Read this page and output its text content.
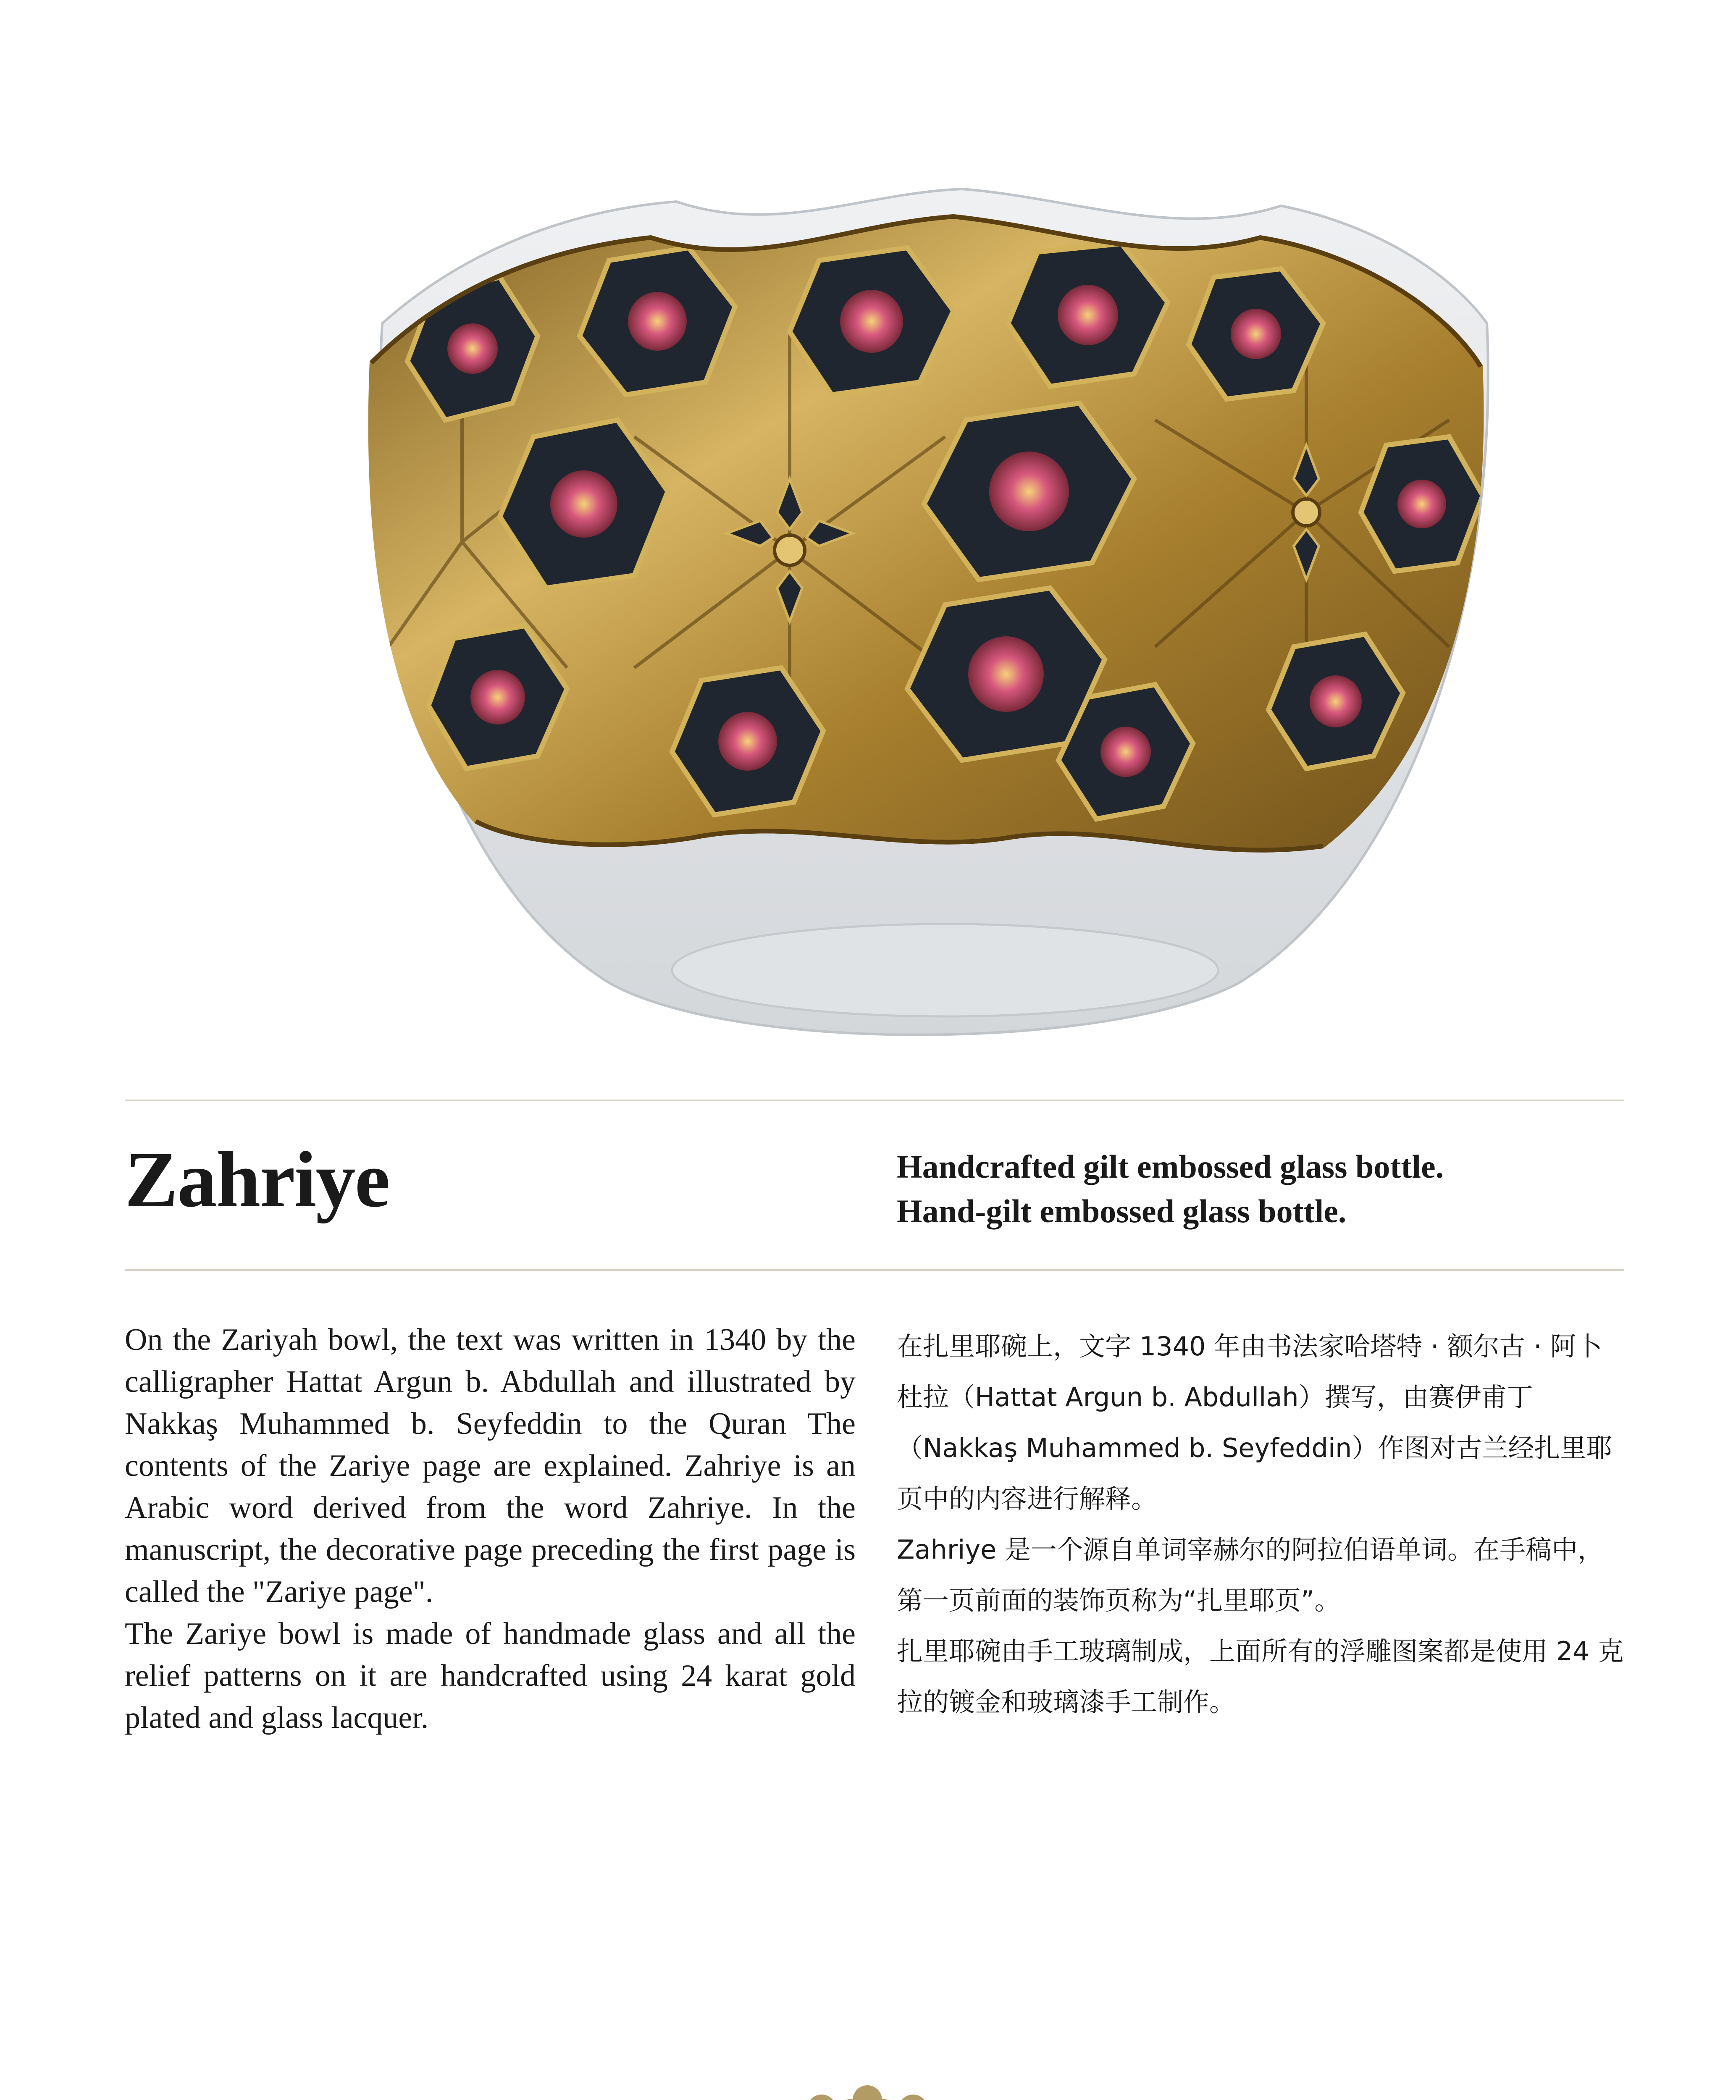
Zahriye	Handcrafted gilt embossed glass bottle.
Hand-gilt embossed glass bottle.

On the Zariyah bowl, the text was written in 1340 by the calligrapher Hattat Argun b. Abdullah and illustrated by Nakkaş Muhammed b. Seyfeddin to the Quran The contents of the Zariye page are explained. Zahriye is an Arabic word derived from the word Zahriye. In the manuscript, the decorative page preceding the first page is called the "Zariye page".

The Zariye bowl is made of handmade glass and all the relief patterns on it are handcrafted using 24 karat gold plated and glass lacquer.

在扎里耶碗上，文字 1340 年由书法家哈塔特 · 额尔古 · 阿卜杜拉（Hattat Argun b. Abdullah）撰写，由赛伊甫丁（Nakkaş Muhammed b. Seyfeddin）作图对古兰经扎里耶页中的内容进行解释。

Zahriye 是一个源自单词宰赫尔的阿拉伯语单词。在手稿中，第一页前面的装饰页称为“扎里耶页”。

扎里耶碗由手工玻璃制成，上面所有的浮雕图案都是使用 24 克拉的镀金和玻璃漆手工制作。
